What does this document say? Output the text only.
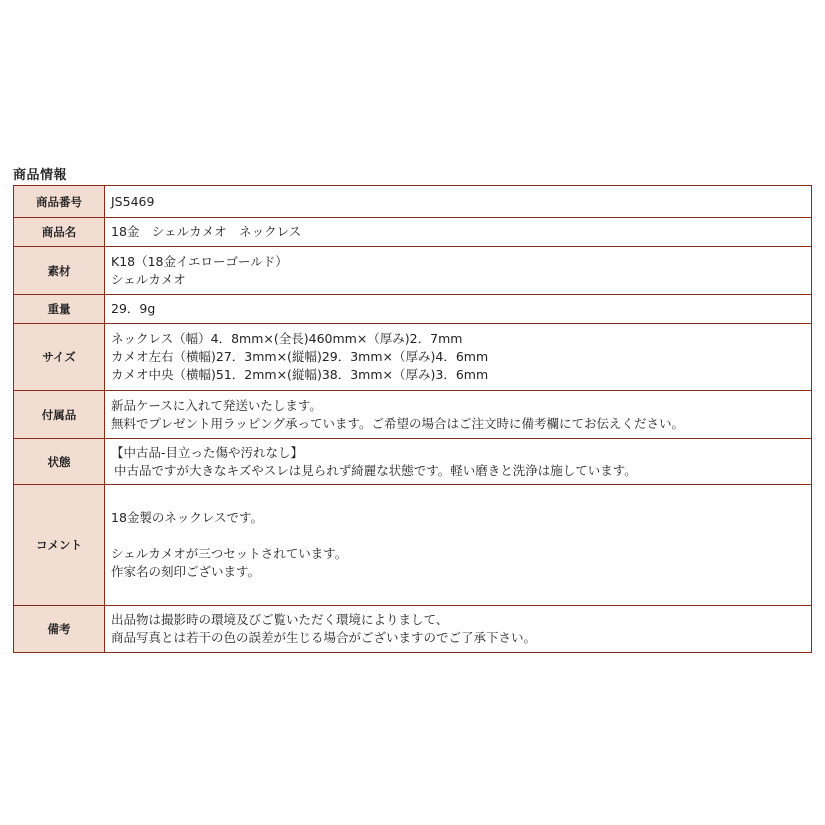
商品情報
商品番号	JS5469

商品名	18金　シェルカメオ　ネックレス

素材	K18（18金イエローゴールド）
シェルカメオ

重量	29．9g

サイズ	ネックレス（幅）4．8mm×(全長)460mm×（厚み)2．7mm
カメオ左右（横幅)27．3mm×(縦幅)29．3mm×（厚み)4．6mm
カメオ中央（横幅)51．2mm×(縦幅)38．3mm×（厚み)3．6mm

付属品	新品ケースに入れて発送いたします。
無料でプレゼント用ラッピング承っています。ご希望の場合はご注文時に備考欄にてお伝えください。

状態	【中古品-目立った傷や汚れなし】
中古品ですが大きなキズやスレは見られず綺麗な状態です。軽い磨きと洗浄は施しています。

コメント	18金製のネックレスです。
シェルカメオが三つセットされています。
作家名の刻印ございます。

備考	出品物は撮影時の環境及びご覧いただく環境によりまして、
商品写真とは若干の色の誤差が生じる場合がございますのでご了承下さい。
